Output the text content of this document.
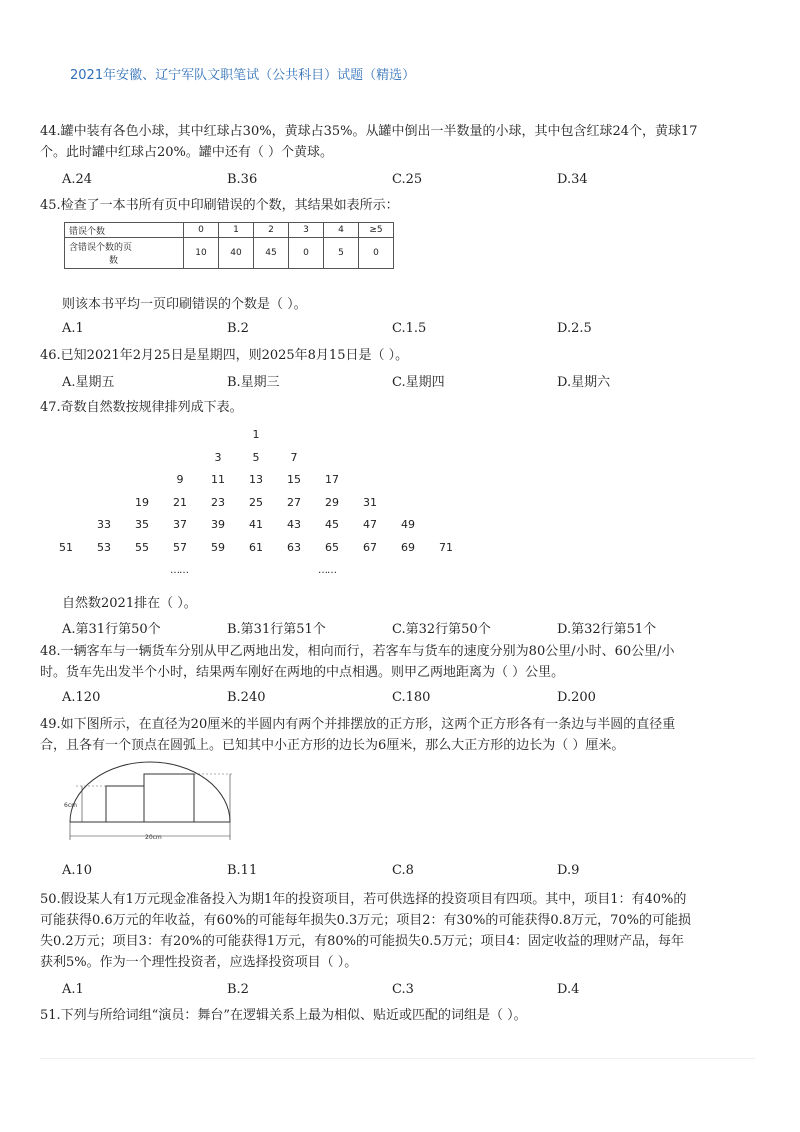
2021年安徽、辽宁军队文职笔试（公共科目）试题（精选）
44.罐中装有各色小球，其中红球占30%，黄球占35%。从罐中倒出一半数量的小球，其中包含红球24个，黄球17
个。此时罐中红球占20%。罐中还有（ ）个黄球。
A.24	B.36	C.25	D.34
45.检查了一本书所有页中印刷错误的个数，其结果如表所示：
错误个数	0	1	2	3	4	≥5

含错误个数的页
数	10	40	45	0	5	0
则该本书平均一页印刷错误的个数是（ ）。
A.1	B.2	C.1.5	D.2.5
46.已知2021年2月25日是星期四，则2025年8月15日是（ ）。
A.星期五	B.星期三	C.星期四	D.星期六
47.奇数自然数按规律排列成下表。
1
3	5	7
9	11	13	15	17
19	21	23	25	27	29	31
33	35	37	39	41	43	45	47	49
51	53	55	57	59	61	63	65	67	69	71
……	……
自然数2021排在（ ）。
A.第31行第50个	B.第31行第51个	C.第32行第50个	D.第32行第51个
48.一辆客车与一辆货车分别从甲乙两地出发，相向而行，若客车与货车的速度分别为80公里/小时、60公里/小
时。货车先出发半个小时，结果两车刚好在两地的中点相遇。则甲乙两地距离为（ ）公里。
A.120	B.240	C.180	D.200
49.如下图所示，在直径为20厘米的半圆内有两个并排摆放的正方形，这两个正方形各有一条边与半圆的直径重
合，且各有一个顶点在圆弧上。已知其中小正方形的边长为6厘米，那么大正方形的边长为（ ）厘米。
6cm
20cm
A.10	B.11	C.8	D.9
50.假设某人有1万元现金准备投入为期1年的投资项目，若可供选择的投资项目有四项。其中，项目1：有40%的
可能获得0.6万元的年收益，有60%的可能每年损失0.3万元；项目2：有30%的可能获得0.8万元，70%的可能损
失0.2万元；项目3：有20%的可能获得1万元，有80%的可能损失0.5万元；项目4：固定收益的理财产品，每年
获利5%。作为一个理性投资者，应选择投资项目（ ）。
A.1	B.2	C.3	D.4
51.下列与所给词组“演员：舞台”在逻辑关系上最为相似、贴近或匹配的词组是（ ）。
